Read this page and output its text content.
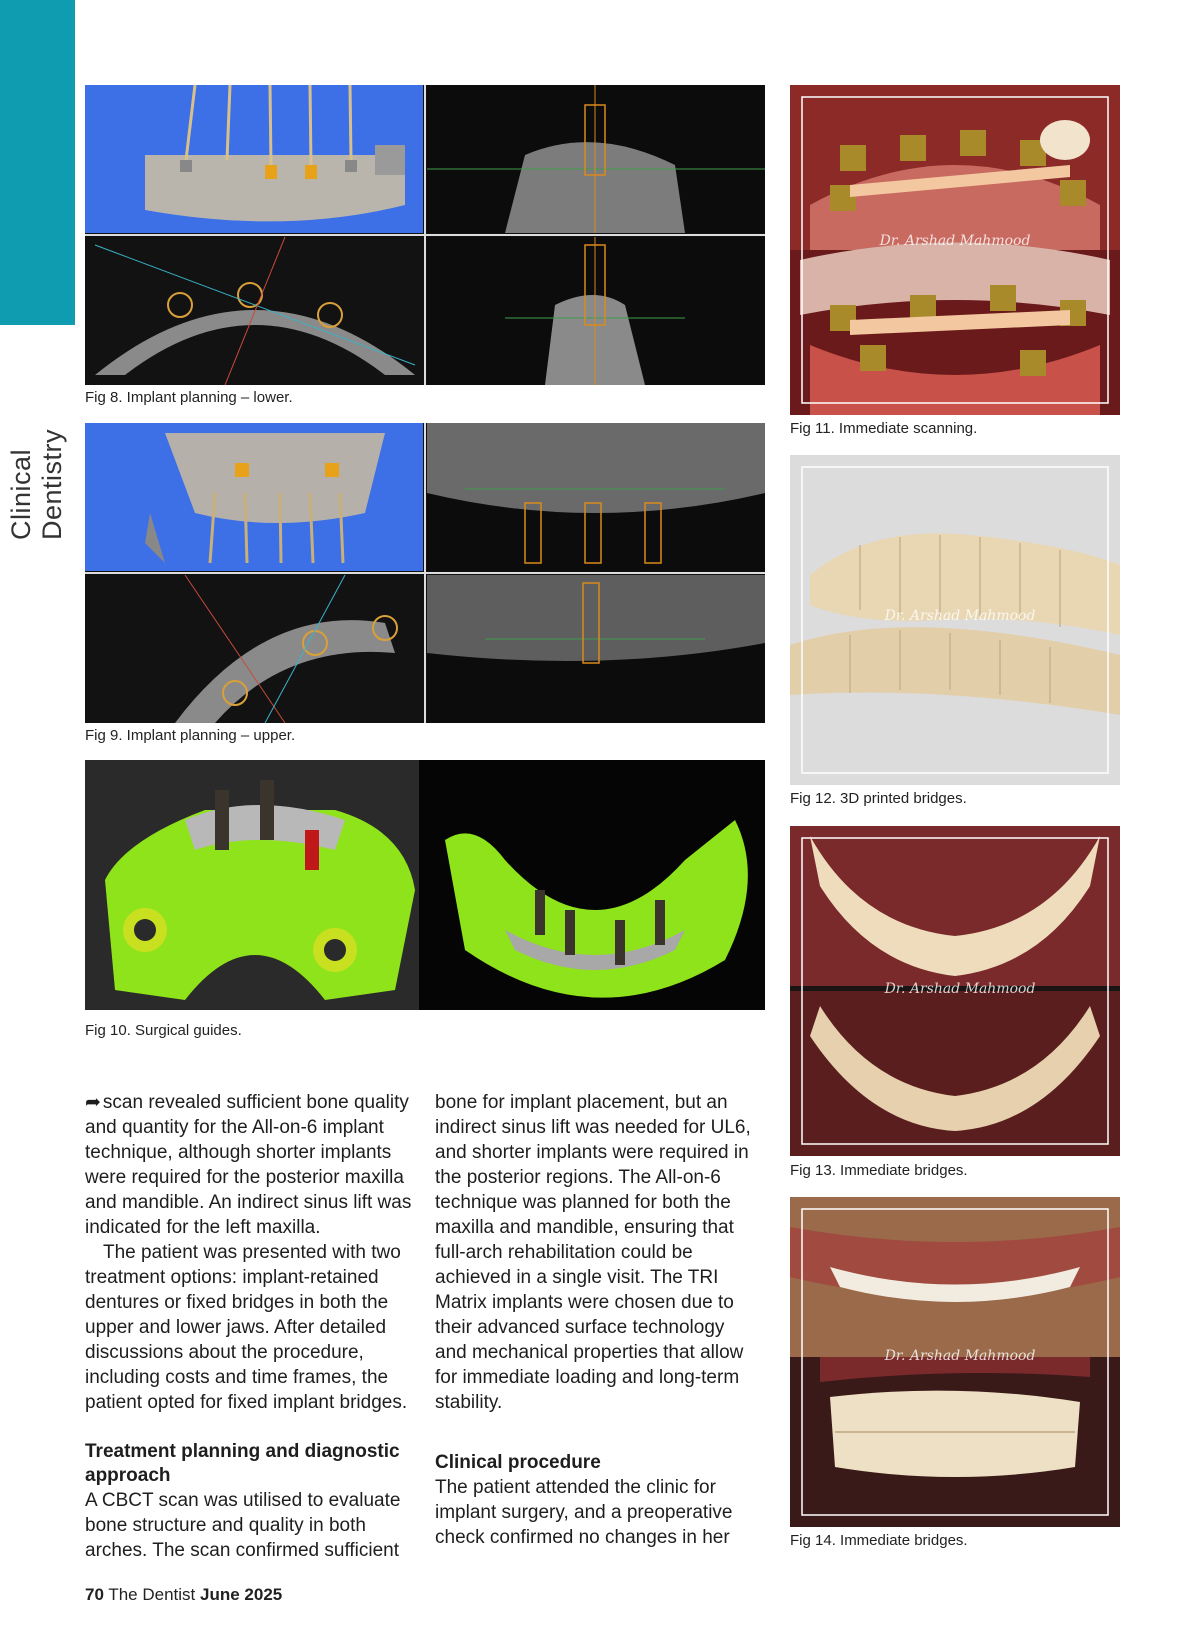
Clinical Dentistry
Fig 8. Implant planning – lower.
Fig 9. Implant planning – upper.
Fig 10. Surgical guides.
Dr. Arshad Mahmood
Fig 11. Immediate scanning.
Dr. Arshad Mahmood
Fig 12. 3D printed bridges.
Dr. Arshad Mahmood
Fig 13. Immediate bridges.
Dr. Arshad Mahmood
Fig 14. Immediate bridges.

➦ scan revealed sufficient bone quality and quantity for the All-on-6 implant technique, although shorter implants were required for the posterior maxilla and mandible. An indirect sinus lift was indicated for the left maxilla.

The patient was presented with two treatment options: implant-retained dentures or fixed bridges in both the upper and lower jaws. After detailed discussions about the procedure, including costs and time frames, the patient opted for fixed implant bridges.

Treatment planning and diagnostic approach

A CBCT scan was utilised to evaluate bone structure and quality in both arches. The scan confirmed sufficient

bone for implant placement, but an indirect sinus lift was needed for UL6, and shorter implants were required in the posterior regions. The All-on-6 technique was planned for both the maxilla and mandible, ensuring that full-arch rehabilitation could be achieved in a single visit. The TRI Matrix implants were chosen due to their advanced surface technology and mechanical properties that allow for immediate loading and long-term stability.

Clinical procedure

The patient attended the clinic for implant surgery, and a preoperative check confirmed no changes in her

70 The Dentist June 2025
